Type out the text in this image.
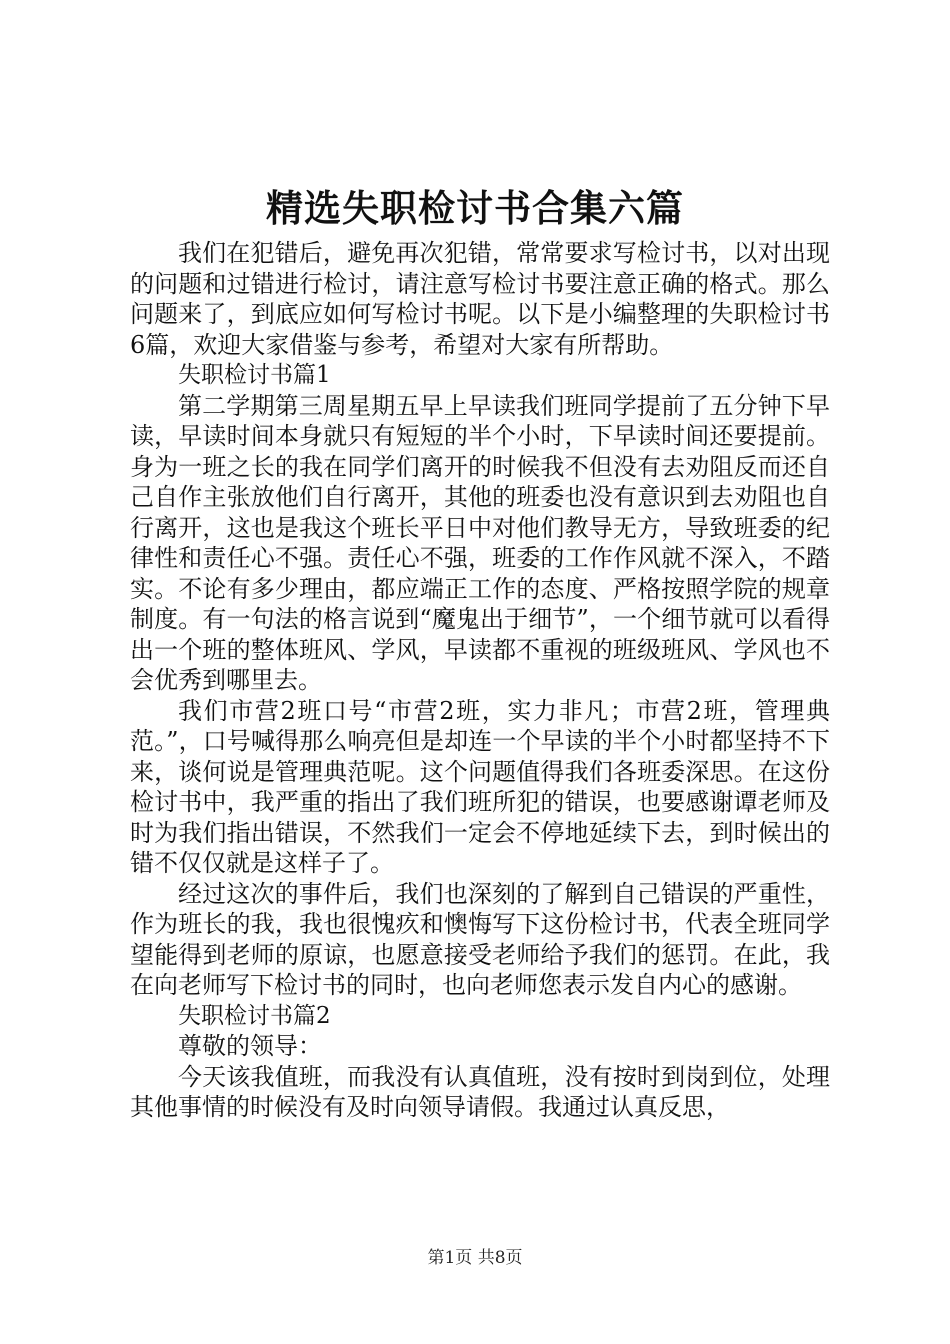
精选失职检讨书合集六篇

我们在犯错后，避免再次犯错，常常要求写检讨书，以对出现的问题和过错进行检讨，请注意写检讨书要注意正确的格式。那么问题来了，到底应如何写检讨书呢。以下是小编整理的失职检讨书6篇，欢迎大家借鉴与参考，希望对大家有所帮助。

失职检讨书篇1

第二学期第三周星期五早上早读我们班同学提前了五分钟下早读，早读时间本身就只有短短的半个小时，下早读时间还要提前。身为一班之长的我在同学们离开的时候我不但没有去劝阻反而还自己自作主张放他们自行离开，其他的班委也没有意识到去劝阻也自行离开，这也是我这个班长平日中对他们教导无方，导致班委的纪律性和责任心不强。责任心不强，班委的工作作风就不深入，不踏实。不论有多少理由，都应端正工作的态度、严格按照学院的规章制度。有一句法的格言说到“魔鬼出于细节”，一个细节就可以看得出一个班的整体班风、学风，早读都不重视的班级班风、学风也不会优秀到哪里去。

我们市营2班口号“市营2班，实力非凡；市营2班，管理典范。”，口号喊得那么响亮但是却连一个早读的半个小时都坚持不下来，谈何说是管理典范呢。这个问题值得我们各班委深思。在这份检讨书中，我严重的指出了我们班所犯的错误，也要感谢谭老师及时为我们指出错误，不然我们一定会不停地延续下去，到时候出的错不仅仅就是这样子了。

经过这次的事件后，我们也深刻的了解到自己错误的严重性，作为班长的我，我也很愧疚和懊悔写下这份检讨书，代表全班同学望能得到老师的原谅，也愿意接受老师给予我们的惩罚。在此，我在向老师写下检讨书的同时，也向老师您表示发自内心的感谢。

失职检讨书篇2

尊敬的领导：

今天该我值班，而我没有认真值班，没有按时到岗到位，处理其他事情的时候没有及时向领导请假。我通过认真反思，

第1页 共8页
